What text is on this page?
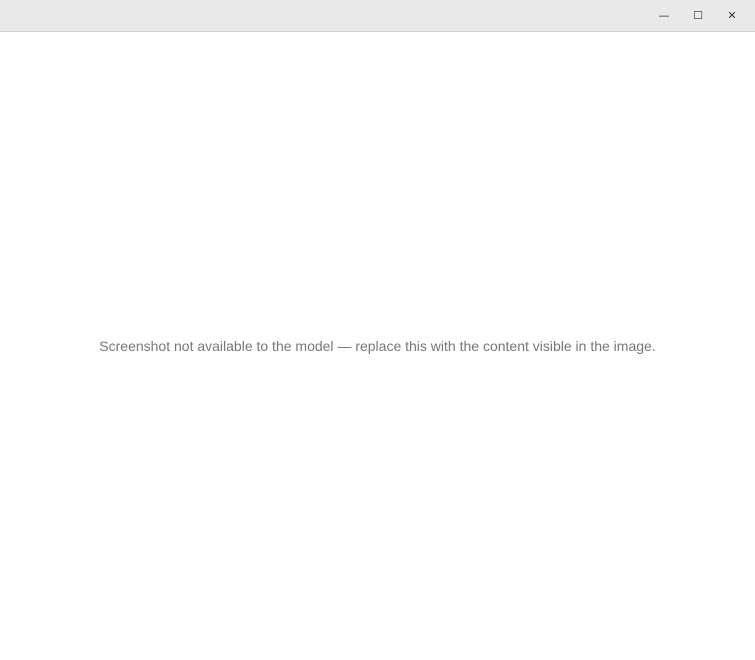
—	☐	✕

Screenshot not available to the model — replace this with the content visible in the image.
